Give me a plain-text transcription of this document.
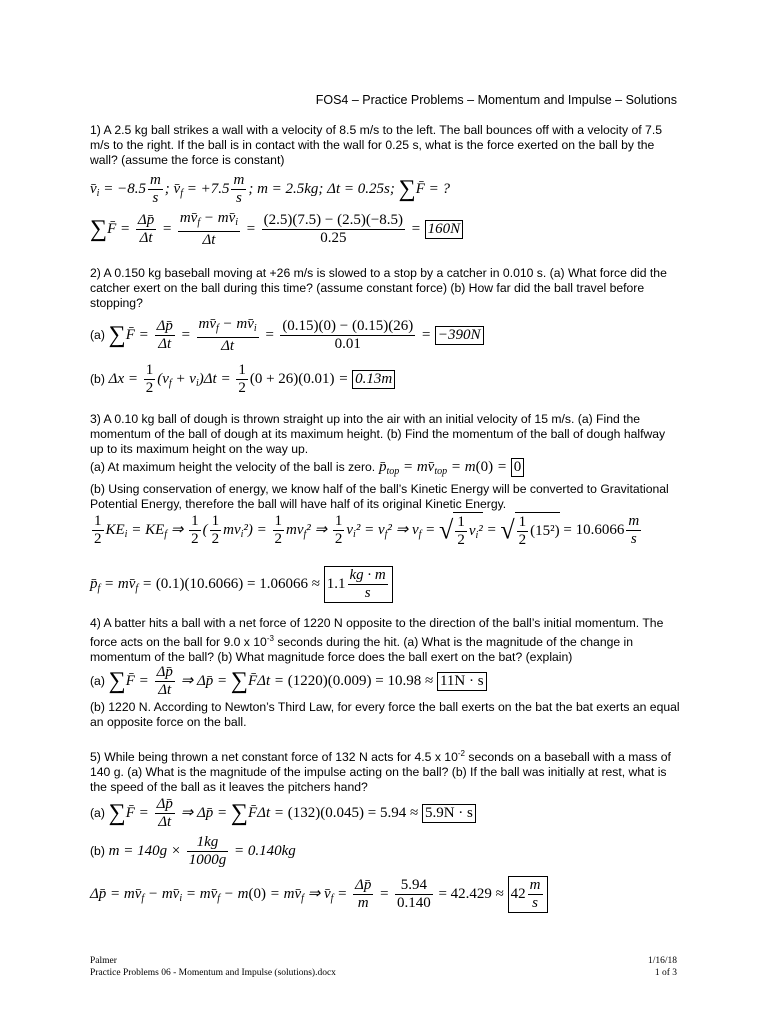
FOS4 – Practice Problems – Momentum and Impulse – Solutions
1) A 2.5 kg ball strikes a wall with a velocity of 8.5 m/s to the left. The ball bounces off with a velocity of 7.5 m/s to the right. If the ball is in contact with the wall for 0.25 s, what is the force exerted on the ball by the wall? (assume the force is constant)
$v̄_i = -8.5 \frac{m}{s}$ ; $v̄_f = +7.5 \frac{m}{s}$ ; m = 2.5kg; Δt = 0.25s; ∑F̄ = ?
∑F̄ = $\frac{\Delta p̄}{\Delta t} = \frac{mv̄_f - mv̄_i}{\Delta t} = \frac{(2.5)(7.5) - (2.5)(-8.5)}{0.25} = 160N$
2) A 0.150 kg baseball moving at +26 m/s is slowed to a stop by a catcher in 0.010 s. (a) What force did the catcher exert on the ball during this time? (assume constant force) (b) How far did the ball travel before stopping?
(a) ∑F̄ = $\frac{\Delta p̄}{\Delta t} = \frac{mv̄_f - mv̄_i}{\Delta t} = \frac{(0.15)(0) - (0.15)(26)}{0.01} = -390N$
(b) $\Delta x = \frac{1}{2} (v_f + v_i)\Delta t = \frac{1}{2} (0 + 26)(0.01) = 0.13m$
3) A 0.10 kg ball of dough is thrown straight up into the air with an initial velocity of 15 m/s. (a) Find the momentum of the ball of dough at its maximum height. (b) Find the momentum of the ball of dough halfway up to its maximum height on the way up.
(a) At maximum height the velocity of the ball is zero. $p̄_{top}$ = $mv̄_{top} = m(0) = 0$
(b) Using conservation of energy, we know half of the ball’s Kinetic Energy will be converted to Gravitational Potential Energy, therefore the ball will have half of its original Kinetic Energy.
$\frac{1}{2} KE_i = KE_f$ ⇒ $\frac{1}{2}$ ( $\frac{1}{2} mv_i^2) = \frac{1}{2} mv_f^2$ ⇒ $\frac{1}{2} v_i^2 = v_f^2$ ⇒ $v_f$ = √ $\frac{1}{2} v_i^2$ = √ $\frac{1}{2} (15^2) = 10.6066 \frac{m}{s}$
$p̄_f$ = $mv̄_f = (0.1)(10.6066) = 1.06066 \approx 1.1 \frac{kg \cdot m}{s}$
4) A batter hits a ball with a net force of 1220 N opposite to the direction of the ball’s initial momentum. The force acts on the ball for 9.0 x $10^{-3}$ seconds during the hit. (a) What is the magnitude of the change in momentum of the ball? (b) What magnitude force does the ball exert on the bat? (explain)
(a) ∑F̄ = $\frac{\Delta p̄}{\Delta t}$ ⇒ Δp̄ = ∑F̄Δt = (1220)(0.009) = 10.98 ≈ 11N · s
(b) 1220 N. According to Newton’s Third Law, for every force the ball exerts on the bat the bat exerts an equal an opposite force on the ball.
5) While being thrown a net constant force of 132 N acts for 4.5 x $10^{-2}$ seconds on a baseball with a mass of 140 g. (a) What is the magnitude of the impulse acting on the ball? (b) If the ball was initially at rest, what is the speed of the ball as it leaves the pitchers hand?
(a) ∑F̄ = $\frac{\Delta p̄}{\Delta t}$ ⇒ Δp̄ = ∑F̄Δt = (132)(0.045) = 5.94 ≈ 5.9N · s
(b) $m = 140g \times \frac{1kg}{1000g} = 0.140kg$
Δp̄ = $mv̄_f$ − $mv̄_i$ = $mv̄_f - m(0)$ = $mv̄_f$ ⇒ $v̄_f = \frac{\Delta p̄}{m} = \frac{5.94}{0.140} = 42.429 \approx 42 \frac{m}{s}$
Palmer
Practice Problems 06 - Momentum and Impulse (solutions).docx
1/16/18
1 of 3
